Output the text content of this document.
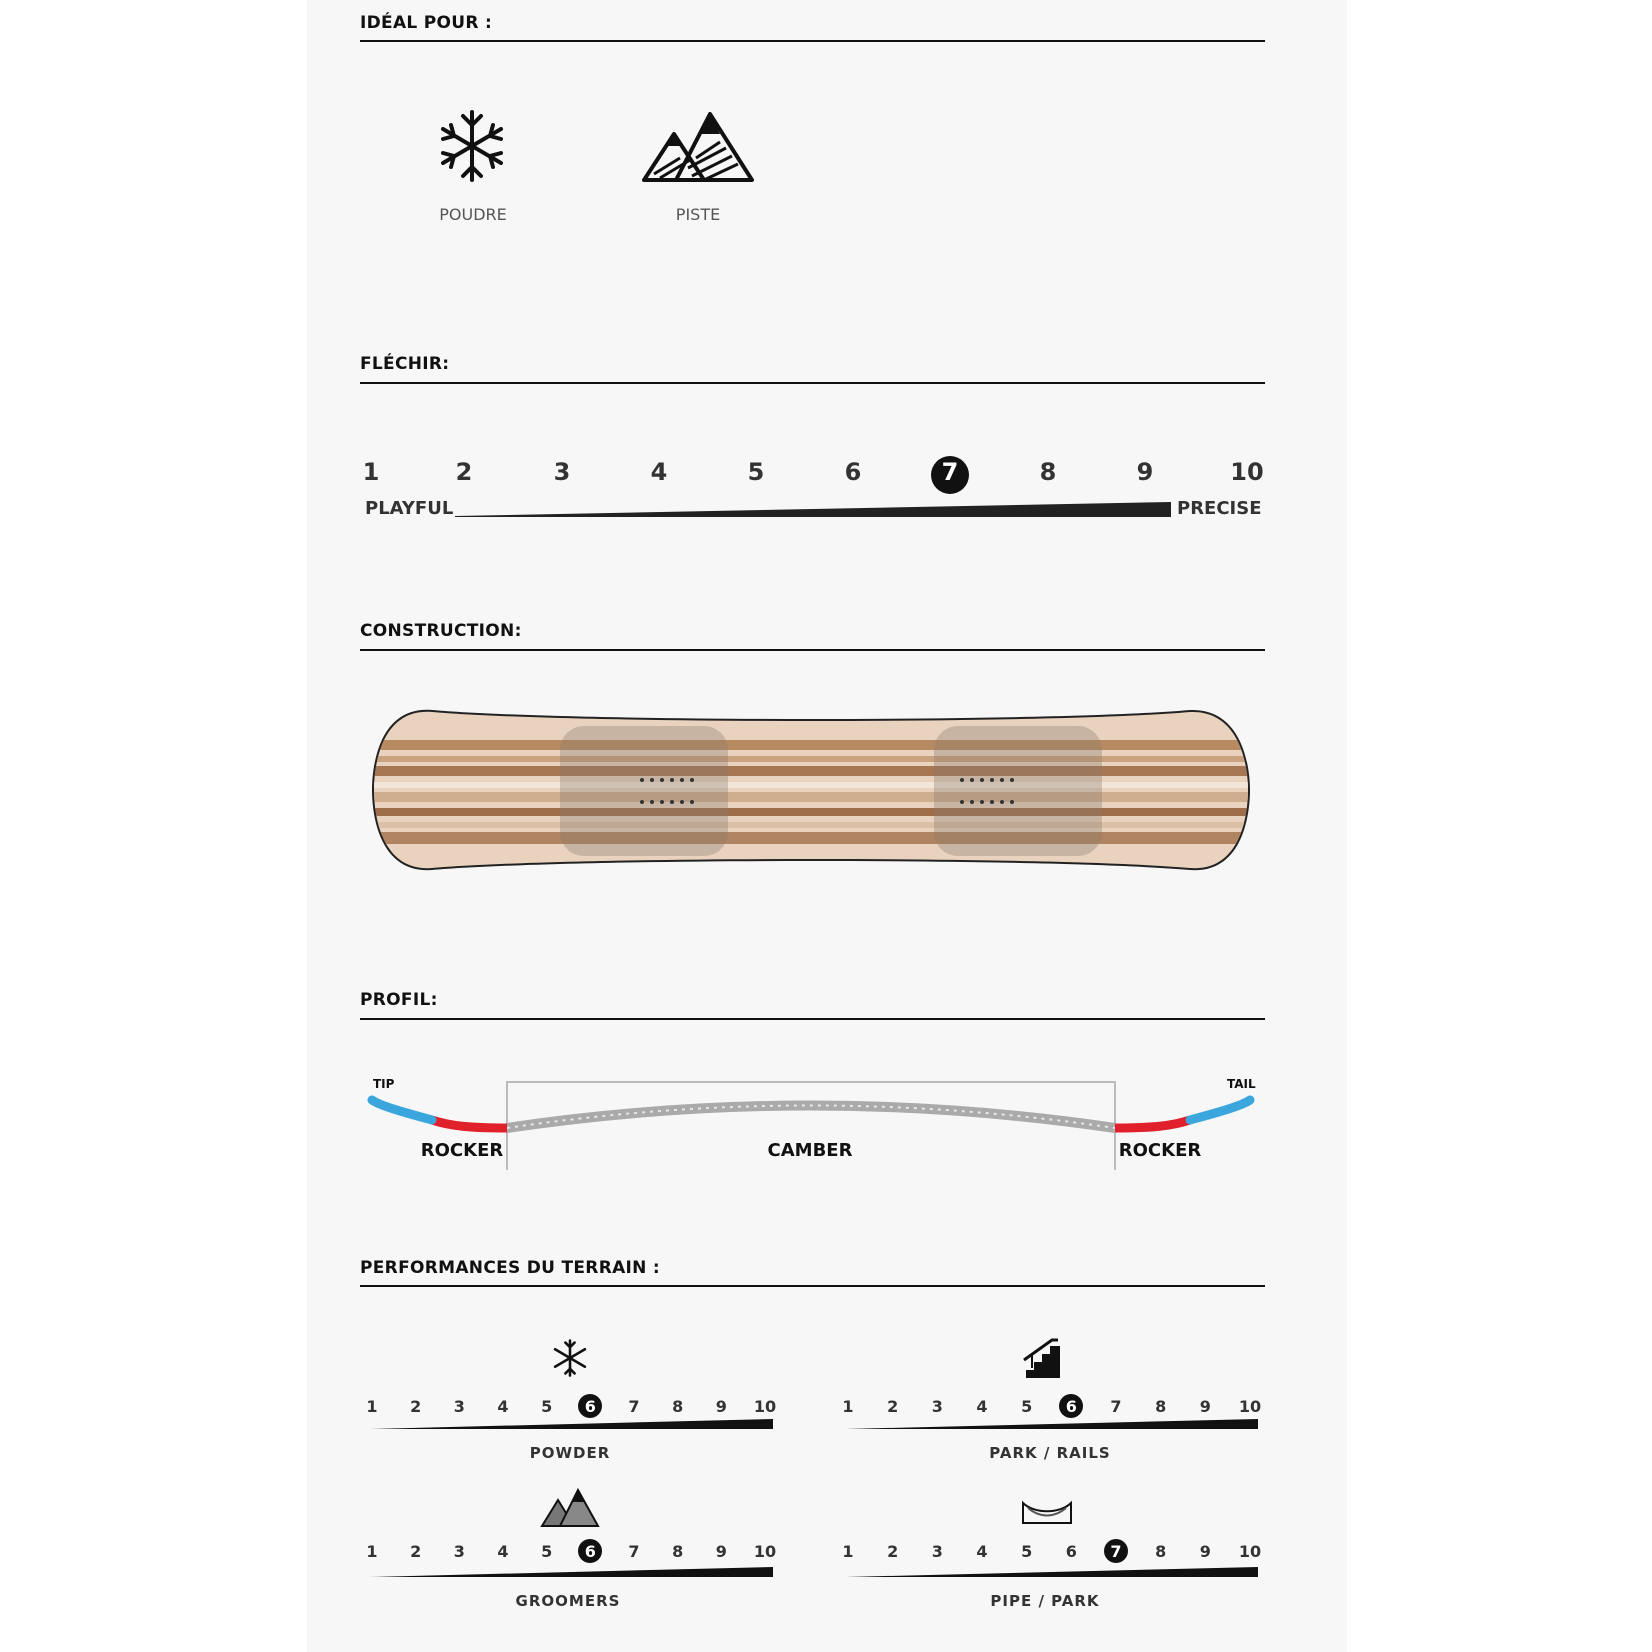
IDÉAL POUR :
POUDRE	PISTE
FLÉCHIR:
1	2	3	4	5	6	7	8	9	10
PLAYFUL	PRECISE
CONSTRUCTION:
PROFIL:
TIP	TAIL
ROCKER	CAMBER	ROCKER
PERFORMANCES DU TERRAIN :
1	2	3	4	5	6	7	8	9	10	1	2	3	4	5	6	7	8	9	10
1	2	3	4	5	6	7	8	9	10	1	2	3	4	5	6	7	8	9	10
POWDER	PARK / RAILS
GROOMERS	PIPE / PARK
